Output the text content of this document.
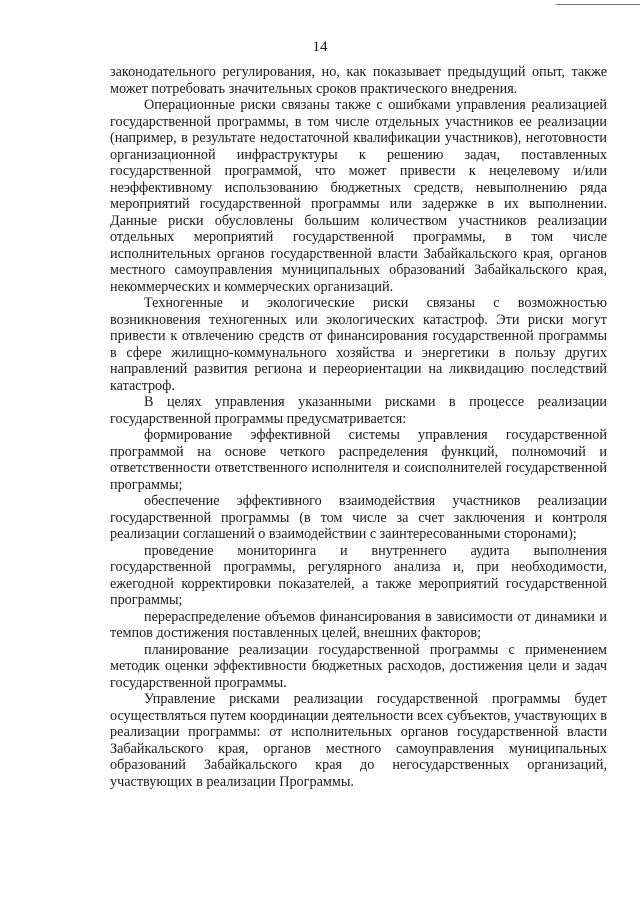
14

законодательного регулирования, но, как показывает предыдущий опыт, также может потребовать значительных сроков практического внедрения.

Операционные риски связаны также с ошибками управления реализацией государственной программы, в том числе отдельных участников ее реализации (например, в результате недостаточной квалификации участников), неготовности организационной инфраструктуры к решению задач, поставленных государственной программой, что может привести к нецелевому и/или неэффективному использованию бюджетных средств, невыполнению ряда мероприятий государственной программы или задержке в их выполнении. Данные риски обусловлены большим количеством участников реализации отдельных мероприятий государственной программы, в том числе исполнительных органов государственной власти Забайкальского края, органов местного самоуправления муниципальных образований Забайкальского края, некоммерческих и коммерческих организаций.

Техногенные и экологические риски связаны с возможностью возникновения техногенных или экологических катастроф. Эти риски могут привести к отвлечению средств от финансирования государственной программы в сфере жилищно-коммунального хозяйства и энергетики в пользу других направлений развития региона и переориентации на ликвидацию последствий катастроф.

В целях управления указанными рисками в процессе реализации государственной программы предусматривается:

формирование эффективной системы управления государственной программой на основе четкого распределения функций, полномочий и ответственности ответственного исполнителя и соисполнителей государственной программы;

обеспечение эффективного взаимодействия участников реализации государственной программы (в том числе за счет заключения и контроля реализации соглашений о взаимодействии с заинтересованными сторонами);

проведение мониторинга и внутреннего аудита выполнения государственной программы, регулярного анализа и, при необходимости, ежегодной корректировки показателей, а также мероприятий государственной программы;

перераспределение объемов финансирования в зависимости от динамики и темпов достижения поставленных целей, внешних факторов;

планирование реализации государственной программы с применением методик оценки эффективности бюджетных расходов, достижения цели и задач государственной программы.

Управление рисками реализации государственной программы будет осуществляться путем координации деятельности всех субъектов, участвующих в реализации программы: от исполнительных органов государственной власти Забайкальского края, органов местного самоуправления муниципальных образований Забайкальского края до негосударственных организаций, участвующих в реализации Программы.
